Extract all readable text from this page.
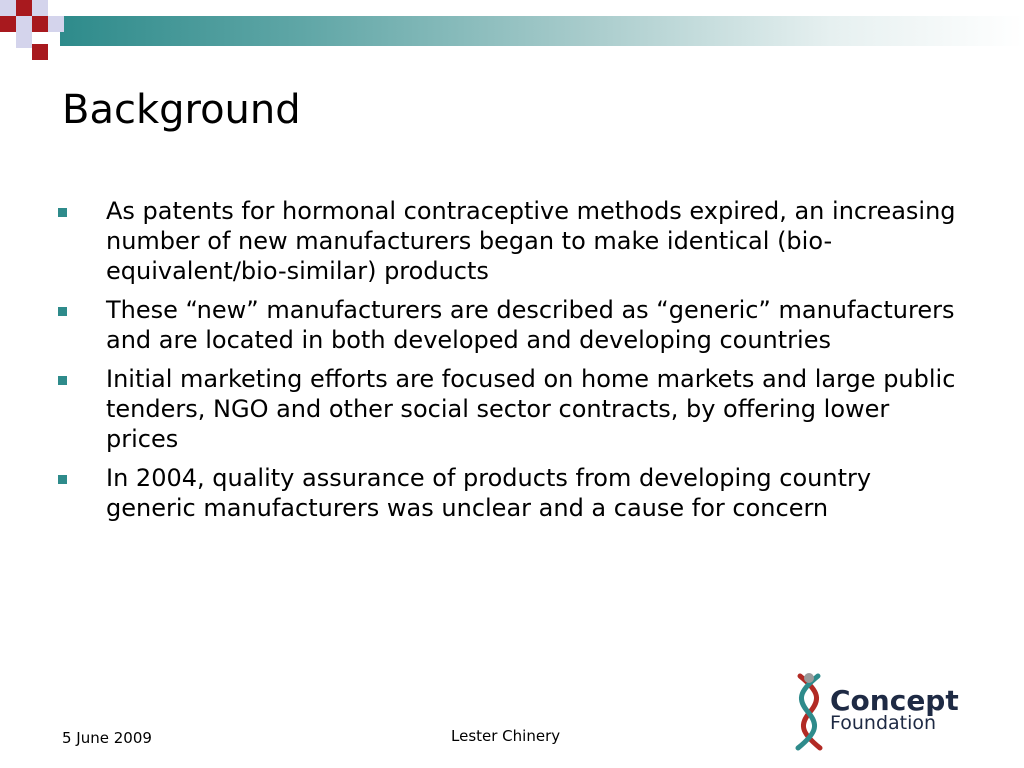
Background
As patents for hormonal contraceptive methods expired, an increasing number of new manufacturers began to make identical (bio-equivalent/bio-similar) products
These “new” manufacturers are described as “generic” manufacturers and are located in both developed and developing countries
Initial marketing efforts are focused on home markets and large public tenders, NGO and other social sector contracts, by offering lower prices
In 2004, quality assurance of products from developing country generic manufacturers was unclear and a cause for concern
5 June 2009	Lester Chinery
Concept
Foundation
